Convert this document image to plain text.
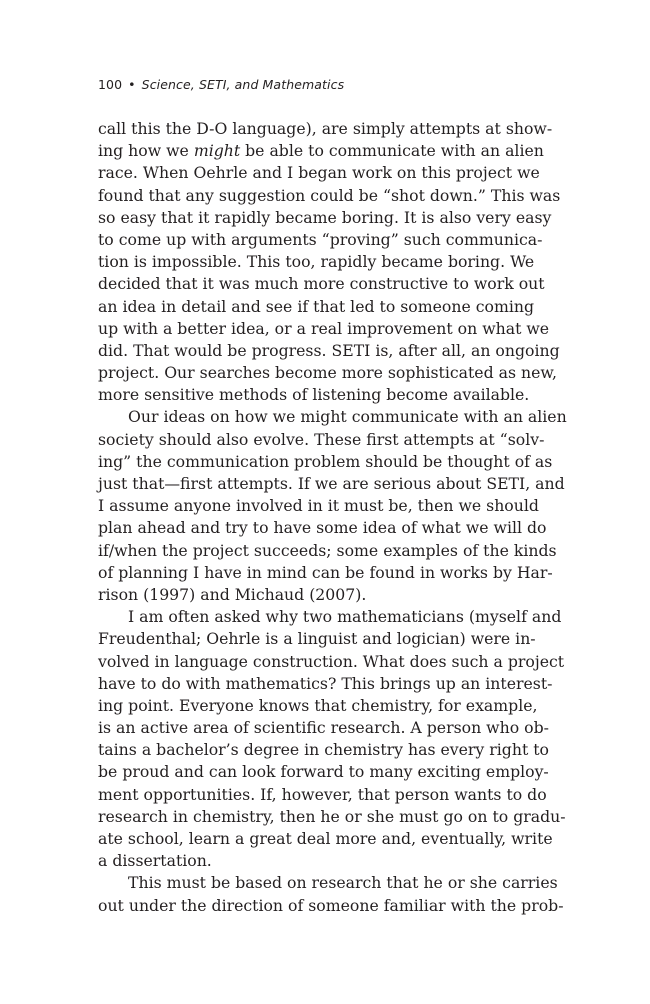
100 • Science, SETI, and Mathematics
call this the D-O language), are simply attempts at show-
ing how we might be able to communicate with an alien
race. When Oehrle and I began work on this project we
found that any suggestion could be “shot down.” This was
so easy that it rapidly became boring. It is also very easy
to come up with arguments “proving” such communica-
tion is impossible. This too, rapidly became boring. We
decided that it was much more constructive to work out
an idea in detail and see if that led to someone coming
up with a better idea, or a real improvement on what we
did. That would be progress. SETI is, after all, an ongoing
project. Our searches become more sophisticated as new,
more sensitive methods of listening become available.
Our ideas on how we might communicate with an alien
society should also evolve. These first attempts at “solv-
ing” the communication problem should be thought of as
just that—first attempts. If we are serious about SETI, and
I assume anyone involved in it must be, then we should
plan ahead and try to have some idea of what we will do
if/when the project succeeds; some examples of the kinds
of planning I have in mind can be found in works by Har-
rison (1997) and Michaud (2007).
I am often asked why two mathematicians (myself and
Freudenthal; Oehrle is a linguist and logician) were in-
volved in language construction. What does such a project
have to do with mathematics? This brings up an interest-
ing point. Everyone knows that chemistry, for example,
is an active area of scientific research. A person who ob-
tains a bachelor’s degree in chemistry has every right to
be proud and can look forward to many exciting employ-
ment opportunities. If, however, that person wants to do
research in chemistry, then he or she must go on to gradu-
ate school, learn a great deal more and, eventually, write
a dissertation.
This must be based on research that he or she carries
out under the direction of someone familiar with the prob-
